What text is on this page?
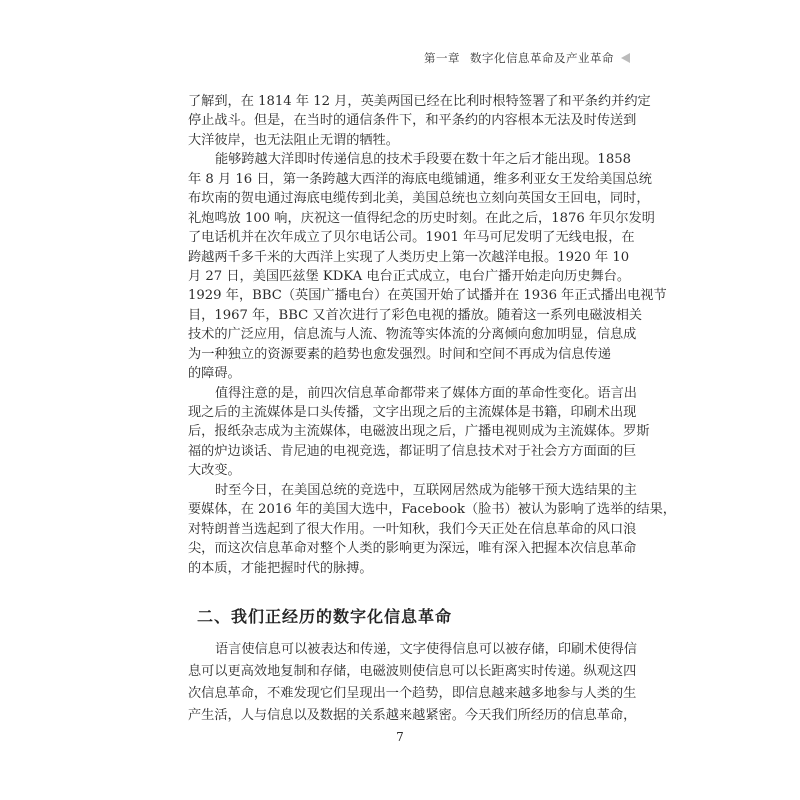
第一章 数字化信息革命及产业革命
了解到，在 1814 年 12 月，英美两国已经在比利时根特签署了和平条约并约定
停止战斗。但是，在当时的通信条件下，和平条约的内容根本无法及时传送到
大洋彼岸，也无法阻止无谓的牺牲。
能够跨越大洋即时传递信息的技术手段要在数十年之后才能出现。1858
年 8 月 16 日，第一条跨越大西洋的海底电缆铺通，维多利亚女王发给美国总统
布坎南的贺电通过海底电缆传到北美，美国总统也立刻向英国女王回电，同时，
礼炮鸣放 100 响，庆祝这一值得纪念的历史时刻。在此之后，1876 年贝尔发明
了电话机并在次年成立了贝尔电话公司。1901 年马可尼发明了无线电报，在
跨越两千多千米的大西洋上实现了人类历史上第一次越洋电报。1920 年 10
月 27 日，美国匹兹堡 KDKA 电台正式成立，电台广播开始走向历史舞台。
1929 年，BBC（英国广播电台）在英国开始了试播并在 1936 年正式播出电视节
目，1967 年，BBC 又首次进行了彩色电视的播放。随着这一系列电磁波相关
技术的广泛应用，信息流与人流、物流等实体流的分离倾向愈加明显，信息成
为一种独立的资源要素的趋势也愈发强烈。时间和空间不再成为信息传递
的障碍。
值得注意的是，前四次信息革命都带来了媒体方面的革命性变化。语言出
现之后的主流媒体是口头传播，文字出现之后的主流媒体是书籍，印刷术出现
后，报纸杂志成为主流媒体，电磁波出现之后，广播电视则成为主流媒体。罗斯
福的炉边谈话、肯尼迪的电视竞选，都证明了信息技术对于社会方方面面的巨
大改变。
时至今日，在美国总统的竞选中，互联网居然成为能够干预大选结果的主
要媒体，在 2016 年的美国大选中，Facebook（脸书）被认为影响了选举的结果，
对特朗普当选起到了很大作用。一叶知秋，我们今天正处在信息革命的风口浪
尖，而这次信息革命对整个人类的影响更为深远，唯有深入把握本次信息革命
的本质，才能把握时代的脉搏。
二、我们正经历的数字化信息革命
语言使信息可以被表达和传递，文字使得信息可以被存储，印刷术使得信
息可以更高效地复制和存储，电磁波则使信息可以长距离实时传递。纵观这四
次信息革命，不难发现它们呈现出一个趋势，即信息越来越多地参与人类的生
产生活，人与信息以及数据的关系越来越紧密。今天我们所经历的信息革命，
7
